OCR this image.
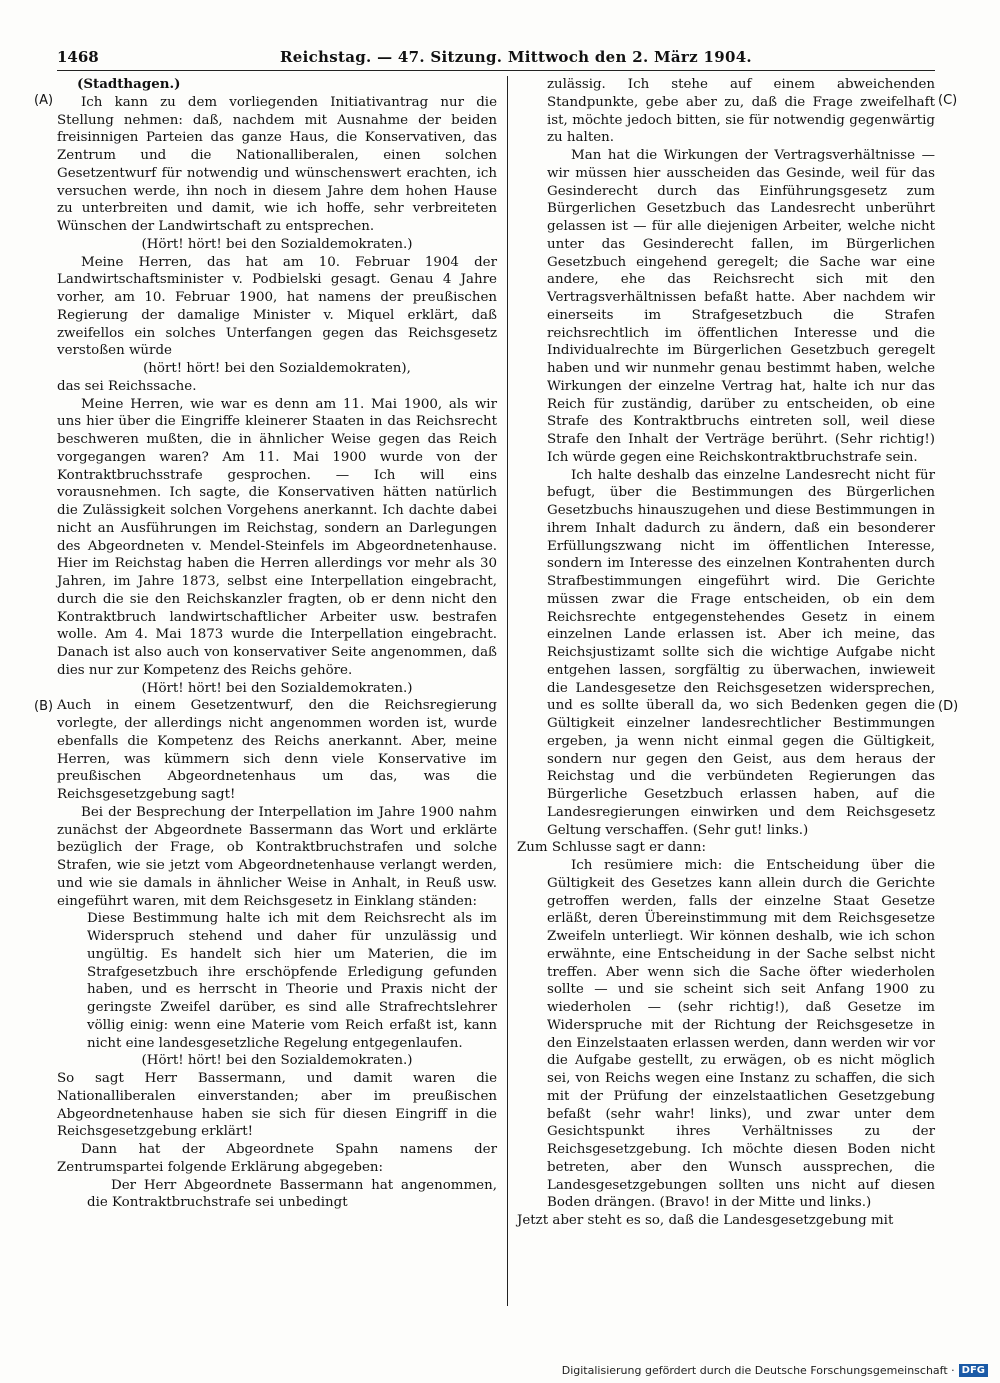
1468	Reichstag. — 47. Sitzung. Mittwoch den 2. März 1904.
(A)
(B)
(C)
(D)

(Stadthagen.)

Ich kann zu dem vorliegenden Initiativantrag nur die Stellung nehmen: daß, nachdem mit Ausnahme der beiden freisinnigen Parteien das ganze Haus, die Konservativen, das Zentrum und die Nationalliberalen, einen solchen Gesetzentwurf für notwendig und wünschenswert erachten, ich versuchen werde, ihn noch in diesem Jahre dem hohen Hause zu unterbreiten und damit, wie ich hoffe, sehr verbreiteten Wünschen der Landwirtschaft zu entsprechen.

(Hört! hört! bei den Sozialdemokraten.)

Meine Herren, das hat am 10. Februar 1904 der Landwirtschaftsminister v. Podbielski gesagt. Genau 4 Jahre vorher, am 10. Februar 1900, hat namens der preußischen Regierung der damalige Minister v. Miquel erklärt, daß zweifellos ein solches Unterfangen gegen das Reichsgesetz verstoßen würde

(hört! hört! bei den Sozialdemokraten),

das sei Reichssache.

Meine Herren, wie war es denn am 11. Mai 1900, als wir uns hier über die Eingriffe kleinerer Staaten in das Reichsrecht beschweren mußten, die in ähnlicher Weise gegen das Reich vorgegangen waren? Am 11. Mai 1900 wurde von der Kontraktbruchsstrafe gesprochen. — Ich will eins vorausnehmen. Ich sagte, die Konservativen hätten natürlich die Zulässigkeit solchen Vorgehens anerkannt. Ich dachte dabei nicht an Ausführungen im Reichstag, sondern an Darlegungen des Abgeordneten v. Mendel-Steinfels im Abgeordnetenhause. Hier im Reichstag haben die Herren allerdings vor mehr als 30 Jahren, im Jahre 1873, selbst eine Interpellation eingebracht, durch die sie den Reichskanzler fragten, ob er denn nicht den Kontraktbruch landwirtschaftlicher Arbeiter usw. bestrafen wolle. Am 4. Mai 1873 wurde die Interpellation eingebracht. Danach ist also auch von konservativer Seite angenommen, daß dies nur zur Kompetenz des Reichs gehöre.

(Hört! hört! bei den Sozialdemokraten.)

Auch in einem Gesetzentwurf, den die Reichsregierung vorlegte, der allerdings nicht angenommen worden ist, wurde ebenfalls die Kompetenz des Reichs anerkannt. Aber, meine Herren, was kümmern sich denn viele Konservative im preußischen Abgeordnetenhaus um das, was die Reichsgesetzgebung sagt!

Bei der Besprechung der Interpellation im Jahre 1900 nahm zunächst der Abgeordnete Bassermann das Wort und erklärte bezüglich der Frage, ob Kontraktbruchstrafen und solche Strafen, wie sie jetzt vom Abgeordnetenhause verlangt werden, und wie sie damals in ähnlicher Weise in Anhalt, in Reuß usw. eingeführt waren, mit dem Reichsgesetz in Einklang ständen:

Diese Bestimmung halte ich mit dem Reichsrecht als im Widerspruch stehend und daher für unzulässig und ungültig. Es handelt sich hier um Materien, die im Strafgesetzbuch ihre erschöpfende Erledigung gefunden haben, und es herrscht in Theorie und Praxis nicht der geringste Zweifel darüber, es sind alle Strafrechtslehrer völlig einig: wenn eine Materie vom Reich erfaßt ist, kann nicht eine landesgesetzliche Regelung entgegenlaufen.

(Hört! hört! bei den Sozialdemokraten.)

So sagt Herr Bassermann, und damit waren die Nationalliberalen einverstanden; aber im preußischen Abgeordnetenhause haben sie sich für diesen Eingriff in die Reichsgesetzgebung erklärt!

Dann hat der Abgeordnete Spahn namens der Zentrumspartei folgende Erklärung abgegeben:

Der Herr Abgeordnete Bassermann hat angenommen, die Kontraktbruchstrafe sei unbedingt

zulässig. Ich stehe auf einem abweichenden Standpunkte, gebe aber zu, daß die Frage zweifelhaft ist, möchte jedoch bitten, sie für notwendig gegenwärtig zu halten.

Man hat die Wirkungen der Vertragsverhältnisse — wir müssen hier ausscheiden das Gesinde, weil für das Gesinderecht durch das Einführungsgesetz zum Bürgerlichen Gesetzbuch das Landesrecht unberührt gelassen ist — für alle diejenigen Arbeiter, welche nicht unter das Gesinderecht fallen, im Bürgerlichen Gesetzbuch eingehend geregelt; die Sache war eine andere, ehe das Reichsrecht sich mit den Vertragsverhältnissen befaßt hatte. Aber nachdem wir einerseits im Strafgesetzbuch die Strafen reichsrechtlich im öffentlichen Interesse und die Individualrechte im Bürgerlichen Gesetzbuch geregelt haben und wir nunmehr genau bestimmt haben, welche Wirkungen der einzelne Vertrag hat, halte ich nur das Reich für zuständig, darüber zu entscheiden, ob eine Strafe des Kontraktbruchs eintreten soll, weil diese Strafe den Inhalt der Verträge berührt. (Sehr richtig!) Ich würde gegen eine Reichskontraktbruchstrafe sein.

Ich halte deshalb das einzelne Landesrecht nicht für befugt, über die Bestimmungen des Bürgerlichen Gesetzbuchs hinauszugehen und diese Bestimmungen in ihrem Inhalt dadurch zu ändern, daß ein besonderer Erfüllungszwang nicht im öffentlichen Interesse, sondern im Interesse des einzelnen Kontrahenten durch Strafbestimmungen eingeführt wird. Die Gerichte müssen zwar die Frage entscheiden, ob ein dem Reichsrechte entgegenstehendes Gesetz in einem einzelnen Lande erlassen ist. Aber ich meine, das Reichsjustizamt sollte sich die wichtige Aufgabe nicht entgehen lassen, sorgfältig zu überwachen, inwieweit die Landesgesetze den Reichsgesetzen widersprechen, und es sollte überall da, wo sich Bedenken gegen die Gültigkeit einzelner landesrechtlicher Bestimmungen ergeben, ja wenn nicht einmal gegen die Gültigkeit, sondern nur gegen den Geist, aus dem heraus der Reichstag und die verbündeten Regierungen das Bürgerliche Gesetzbuch erlassen haben, auf die Landesregierungen einwirken und dem Reichsgesetz Geltung verschaffen. (Sehr gut! links.)

Zum Schlusse sagt er dann:

Ich resümiere mich: die Entscheidung über die Gültigkeit des Gesetzes kann allein durch die Gerichte getroffen werden, falls der einzelne Staat Gesetze erläßt, deren Übereinstimmung mit dem Reichsgesetze Zweifeln unterliegt. Wir können deshalb, wie ich schon erwähnte, eine Entscheidung in der Sache selbst nicht treffen. Aber wenn sich die Sache öfter wiederholen sollte — und sie scheint sich seit Anfang 1900 zu wiederholen — (sehr richtig!), daß Gesetze im Widerspruche mit der Richtung der Reichsgesetze in den Einzelstaaten erlassen werden, dann werden wir vor die Aufgabe gestellt, zu erwägen, ob es nicht möglich sei, von Reichs wegen eine Instanz zu schaffen, die sich mit der Prüfung der einzelstaatlichen Gesetzgebung befaßt (sehr wahr! links), und zwar unter dem Gesichtspunkt ihres Verhältnisses zu der Reichsgesetzgebung. Ich möchte diesen Boden nicht betreten, aber den Wunsch aussprechen, die Landesgesetzgebungen sollten uns nicht auf diesen Boden drängen. (Bravo! in der Mitte und links.)

Jetzt aber steht es so, daß die Landesgesetzgebung mit

Digitalisierung gefördert durch die Deutsche Forschungsgemeinschaft · DFG
